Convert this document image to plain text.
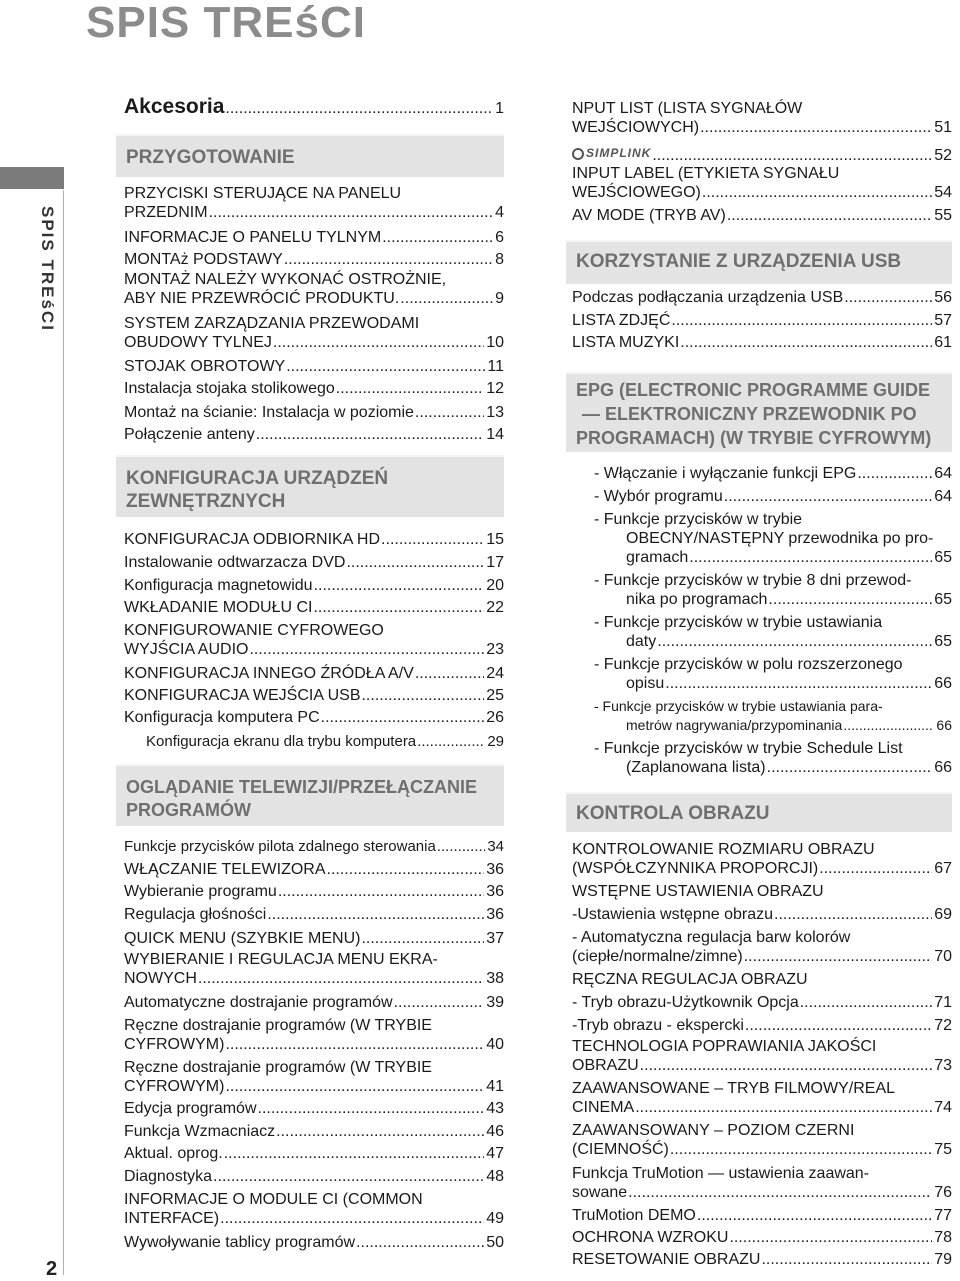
SPIS TREśCI
SPIS TREśCI
2
Akcesoria .....	1
PRZYGOTOWANIE
KONFIGURACJA URZĄDZEŃ
ZEWNĘTRZNYCH
OGLĄDANIE TELEWIZJI/PRZEŁĄCZANIE
PROGRAMÓW
PRZYCISKI STERUJĄCE NA PANELU
PRZEDNIM .....	4
INFORMACJE O PANELU TYLNYM .....	6
MONTAż PODSTAWY .....	8
MONTAŻ NALEŻY WYKONAĆ OSTROŻNIE,
ABY NIE PRZEWRÓCIĆ PRODUKTU. .....	9
SYSTEM ZARZĄDZANIA PRZEWODAMI
OBUDOWY TYLNEJ .....	10
STOJAK OBROTOWY .....	11
Instalacja stojaka stolikowego .....	12
Montaż na ścianie: Instalacja w poziomie .....	13
Połączenie anteny .....	14
KONFIGURACJA ODBIORNIKA HD .....	15
Instalowanie odtwarzacza DVD .....	17
Konfiguracja magnetowidu .....	20
WKŁADANIE MODUŁU CI .....	22
KONFIGUROWANIE CYFROWEGO
WYJŚCIA AUDIO .....	23
KONFIGURACJA INNEGO ŹRÓDŁA A/V .....	24
KONFIGURACJA WEJŚCIA USB .....	25
Konfiguracja komputera PC .....	26
Konfiguracja ekranu dla trybu komputera .....	29
Funkcje przycisków pilota zdalnego sterowania .....	34
WŁĄCZANIE TELEWIZORA .....	36
Wybieranie programu .....	36
Regulacja głośności .....	36
QUICK MENU (SZYBKIE MENU) .....	37
WYBIERANIE I REGULACJA MENU EKRA-
NOWYCH .....	38
Automatyczne dostrajanie programów .....	39
Ręczne dostrajanie programów (W TRYBIE
CYFROWYM) .....	40
Ręczne dostrajanie programów (W TRYBIE
CYFROWYM) .....	41
Edycja programów .....	43
Funkcja Wzmacniacz .....	46
Aktual. oprog. .....	47
Diagnostyka .....	48
INFORMACJE O MODULE CI (COMMON
INTERFACE) .....	49
Wywoływanie tablicy programów .....	50
KORZYSTANIE Z URZĄDZENIA USB
EPG (ELECTRONIC PROGRAMME GUIDE
— ELEKTRONICZNY PRZEWODNIK PO
PROGRAMACH) (W TRYBIE CYFROWYM)
KONTROLA OBRAZU
SIMPLINK .....	52
NPUT LIST (LISTA SYGNAŁÓW
WEJŚCIOWYCH) .....	51
INPUT LABEL (ETYKIETA SYGNAŁU
WEJŚCIOWEGO) .....	54
AV MODE (TRYB AV) .....	55
Podczas podłączania urządzenia USB .....	56
LISTA ZDJĘĆ .....	57
LISTA MUZYKI .....	61
- Włączanie i wyłączanie funkcji EPG .....	64
- Wybór programu .....	64
- Funkcje przycisków w trybie
OBECNY/NASTĘPNY przewodnika po pro-
gramach .....	65
- Funkcje przycisków w trybie 8 dni przewod-
nika po programach .....	65
- Funkcje przycisków w trybie ustawiania
daty .....	65
- Funkcje przycisków w polu rozszerzonego
opisu .....	66
- Funkcje przycisków w trybie ustawiania para-
metrów nagrywania/przypominania .....	66
- Funkcje przycisków w trybie Schedule List
(Zaplanowana lista) .....	66
KONTROLOWANIE ROZMIARU OBRAZU
(WSPÓŁCZYNNIKA PROPORCJI) .....	67
WSTĘPNE USTAWIENIA OBRAZU
-Ustawienia wstępne obrazu .....	69
- Automatyczna regulacja barw kolorów
(ciepłe/normalne/zimne) .....	70
RĘCZNA REGULACJA OBRAZU
- Tryb obrazu-Użytkownik Opcja .....	71
-Tryb obrazu - ekspercki .....	72
TECHNOLOGIA POPRAWIANIA JAKOŚCI
OBRAZU .....	73
ZAAWANSOWANE – TRYB FILMOWY/REAL
CINEMA .....	74
ZAAWANSOWANY – POZIOM CZERNI
(CIEMNOŚĆ) .....	75
Funkcja TruMotion — ustawienia zaawan-
sowane .....	76
TruMotion DEMO .....	77
OCHRONA WZROKU .....	78
RESETOWANIE OBRAZU .....	79
